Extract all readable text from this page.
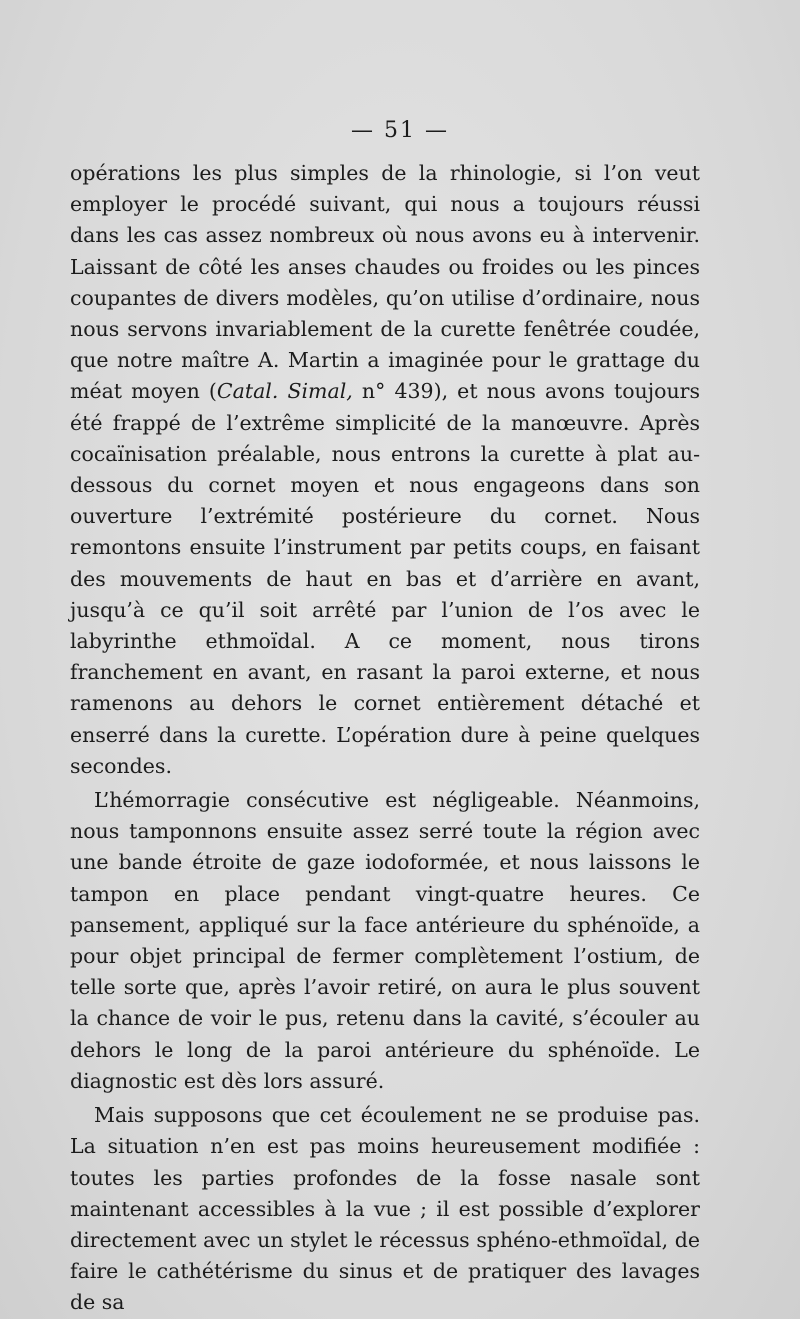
— 51 —

opérations les plus simples de la rhinologie, si l’on veut employer le procédé suivant, qui nous a toujours réussi dans les cas assez nombreux où nous avons eu à intervenir. Laissant de côté les anses chaudes ou froides ou les pinces coupantes de divers modèles, qu’on utilise d’ordinaire, nous nous servons invariablement de la curette fenêtrée coudée, que notre maître A. Martin a imaginée pour le grattage du méat moyen (Catal. Simal, n° 439), et nous avons toujours été frappé de l’extrême simplicité de la manœuvre. Après cocaïnisation préalable, nous entrons la curette à plat au-dessous du cornet moyen et nous engageons dans son ouverture l’extrémité postérieure du cornet. Nous remontons ensuite l’instrument par petits coups, en faisant des mouvements de haut en bas et d’arrière en avant, jusqu’à ce qu’il soit arrêté par l’union de l’os avec le labyrinthe ethmoïdal. A ce moment, nous tirons franchement en avant, en rasant la paroi externe, et nous ramenons au dehors le cornet entièrement détaché et enserré dans la curette. L’opération dure à peine quelques secondes.

L’hémorragie consécutive est négligeable. Néanmoins, nous tamponnons ensuite assez serré toute la région avec une bande étroite de gaze iodoformée, et nous laissons le tampon en place pendant vingt-quatre heures. Ce pansement, appliqué sur la face antérieure du sphénoïde, a pour objet principal de fermer complètement l’ostium, de telle sorte que, après l’avoir retiré, on aura le plus souvent la chance de voir le pus, retenu dans la cavité, s’écouler au dehors le long de la paroi antérieure du sphénoïde. Le diagnostic est dès lors assuré.

Mais supposons que cet écoulement ne se produise pas. La situation n’en est pas moins heureusement modifiée : toutes les parties profondes de la fosse nasale sont maintenant accessibles à la vue ; il est possible d’explorer directement avec un stylet le récessus sphéno-ethmoïdal, de faire le cathétérisme du sinus et de pratiquer des lavages de sa
